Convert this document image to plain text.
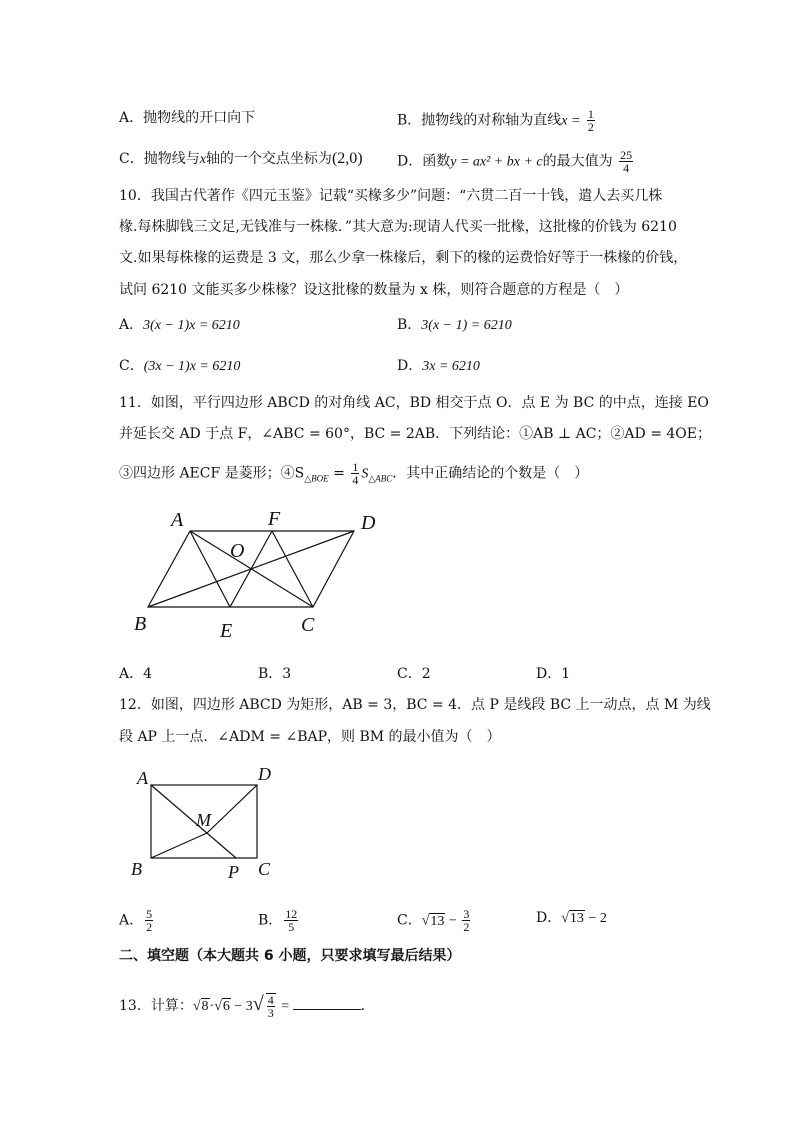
A．抛物线的开口向下	B．抛物线的对称轴为直线$x = \frac{1}{2}$
C．抛物线与x轴的一个交点坐标为(2,0) D．函数y = ax² + bx + c的最大值为 $\frac{25}{4}$
10．我国古代著作《四元玉鉴》记载“买椽多少”问题：“六贯二百一十钱，遣人去买几株
椽.每株脚钱三文足,无钱准与一株椽．”其大意为:现请人代买一批椽，这批椽的价钱为 6210
文.如果每株椽的运费是 3 文，那么少拿一株椽后，剩下的椽的运费恰好等于一株椽的价钱，
试问 6210 文能买多少株椽？设这批椽的数量为 x 株，则符合题意的方程是（　）
A．3(x − 1)x = 6210	B．3(x − 1) = 6210
C．(3x − 1)x = 6210	D．3x = 6210
11．如图，平行四边形 ABCD 的对角线 AC，BD 相交于点 O．点 E 为 BC 的中点，连接 EO
并延长交 AD 于点 F，∠ABC = 60°，BC = 2AB．下列结论：①AB ⊥ AC；②AD = 4OE；
③四边形 AECF 是菱形；$④S_{\triangle BOE} = \frac{1}{4} S_{\triangle ABC}$．其中正确结论的个数是（　）
A	F	D
O
B	E	C
A．4	B．3	C．2	D．1
12．如图，四边形 ABCD 为矩形，AB = 3，BC = 4．点 P 是线段 BC 上一动点，点 M 为线
段 AP 上一点．∠ADM = ∠BAP，则 BM 的最小值为（　）
A	D
M
B	P C
A． $\frac{5}{2}$	B． $\frac{12}{5}$	C．$√13 - \frac{3}{2}$	D．√13 − 2
二、填空题（本大题共 6 小题，只要求填写最后结果）
13．计算：$√8\cdot√6 - 3√ \frac{4}{3}$ =	．
